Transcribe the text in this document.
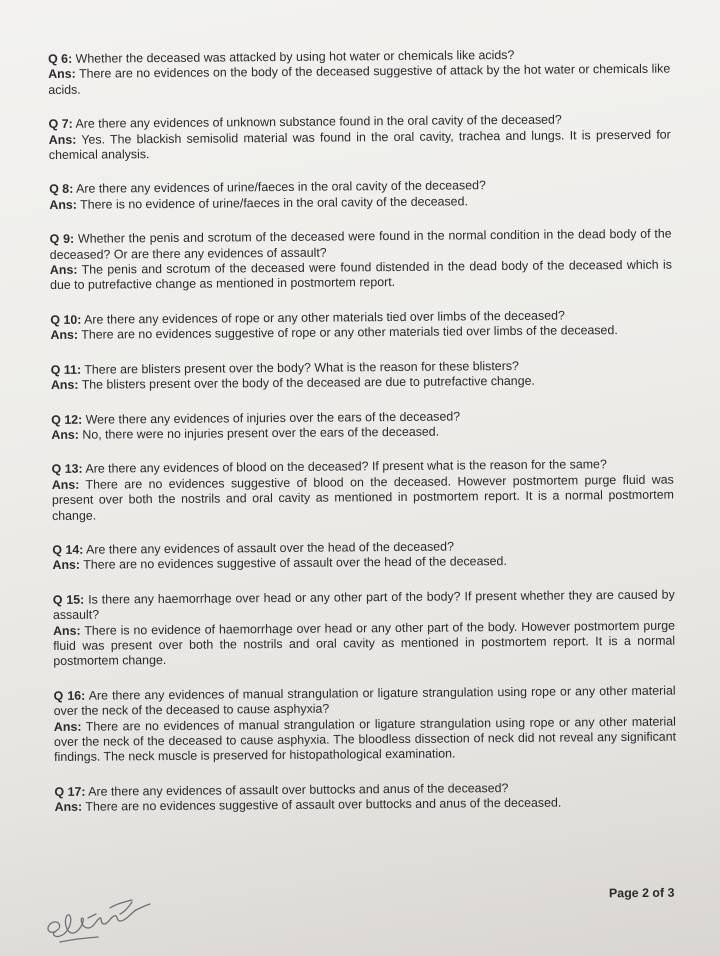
Q 6: Whether the deceased was attacked by using hot water or chemicals like acids?
Ans: There are no evidences on the body of the deceased suggestive of attack by the hot water or chemicals like acids.
Q 7: Are there any evidences of unknown substance found in the oral cavity of the deceased?
Ans: Yes. The blackish semisolid material was found in the oral cavity, trachea and lungs. It is preserved for chemical analysis.
Q 8: Are there any evidences of urine/faeces in the oral cavity of the deceased?
Ans: There is no evidence of urine/faeces in the oral cavity of the deceased.
Q 9: Whether the penis and scrotum of the deceased were found in the normal condition in the dead body of the deceased? Or are there any evidences of assault?
Ans: The penis and scrotum of the deceased were found distended in the dead body of the deceased which is due to putrefactive change as mentioned in postmortem report.
Q 10: Are there any evidences of rope or any other materials tied over limbs of the deceased?
Ans: There are no evidences suggestive of rope or any other materials tied over limbs of the deceased.
Q 11: There are blisters present over the body? What is the reason for these blisters?
Ans: The blisters present over the body of the deceased are due to putrefactive change.
Q 12: Were there any evidences of injuries over the ears of the deceased?
Ans: No, there were no injuries present over the ears of the deceased.
Q 13: Are there any evidences of blood on the deceased? If present what is the reason for the same?
Ans: There are no evidences suggestive of blood on the deceased. However postmortem purge fluid was present over both the nostrils and oral cavity as mentioned in postmortem report. It is a normal postmortem change.
Q 14: Are there any evidences of assault over the head of the deceased?
Ans: There are no evidences suggestive of assault over the head of the deceased.
Q 15: Is there any haemorrhage over head or any other part of the body? If present whether they are caused by assault?
Ans: There is no evidence of haemorrhage over head or any other part of the body. However postmortem purge fluid was present over both the nostrils and oral cavity as mentioned in postmortem report. It is a normal postmortem change.
Q 16: Are there any evidences of manual strangulation or ligature strangulation using rope or any other material over the neck of the deceased to cause asphyxia?
Ans: There are no evidences of manual strangulation or ligature strangulation using rope or any other material over the neck of the deceased to cause asphyxia. The bloodless dissection of neck did not reveal any significant findings. The neck muscle is preserved for histopathological examination.
Q 17: Are there any evidences of assault over buttocks and anus of the deceased?
Ans: There are no evidences suggestive of assault over buttocks and anus of the deceased.
Page 2 of 3
